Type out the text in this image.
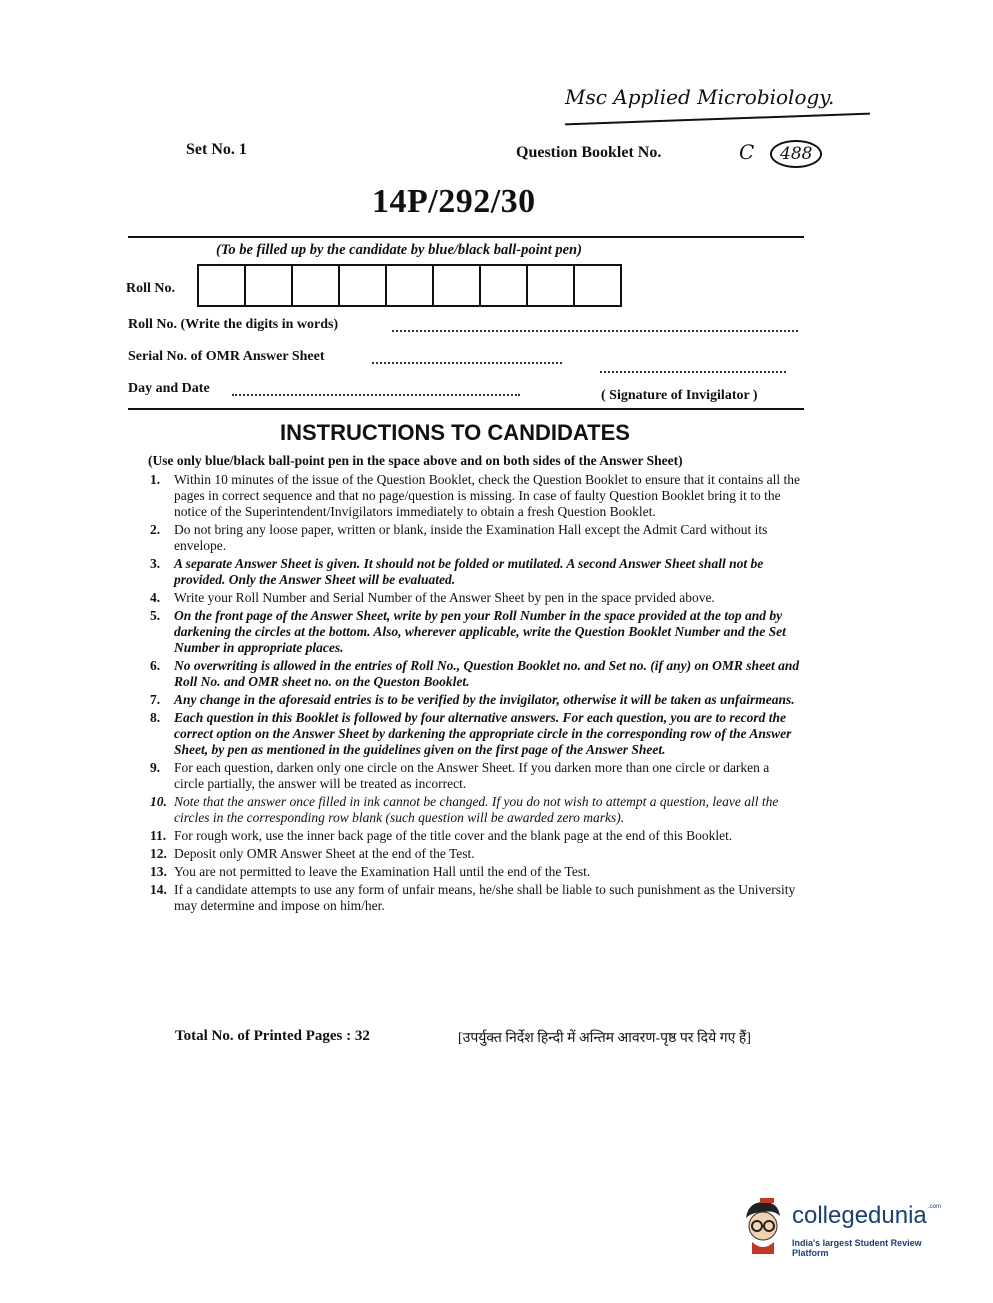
Msc Applied Microbiology.
C	488
Set No. 1	Question Booklet No.
14P/292/30
(To be filled up by the candidate by blue/black ball-point pen)
Roll No.
Roll No. (Write the digits in words)
Serial No. of OMR Answer Sheet
Day and Date	( Signature of Invigilator )
INSTRUCTIONS TO CANDIDATES
(Use only blue/black ball-point pen in the space above and on both sides of the Answer Sheet)
1. Within 10 minutes of the issue of the Question Booklet, check the Question Booklet to ensure that it contains all the pages in correct sequence and that no page/question is missing. In case of faulty Question Booklet bring it to the notice of the Superintendent/Invigilators immediately to obtain a fresh Question Booklet.
2. Do not bring any loose paper, written or blank, inside the Examination Hall except the Admit Card without its envelope.
3. A separate Answer Sheet is given. It should not be folded or mutilated. A second Answer Sheet shall not be provided. Only the Answer Sheet will be evaluated.
4. Write your Roll Number and Serial Number of the Answer Sheet by pen in the space prvided above.
5. On the front page of the Answer Sheet, write by pen your Roll Number in the space provided at the top and by darkening the circles at the bottom. Also, wherever applicable, write the Question Booklet Number and the Set Number in appropriate places.
6. No overwriting is allowed in the entries of Roll No., Question Booklet no. and Set no. (if any) on OMR sheet and Roll No. and OMR sheet no. on the Queston Booklet.
7. Any change in the aforesaid entries is to be verified by the invigilator, otherwise it will be taken as unfairmeans.
8. Each question in this Booklet is followed by four alternative answers. For each question, you are to record the correct option on the Answer Sheet by darkening the appropriate circle in the corresponding row of the Answer Sheet, by pen as mentioned in the guidelines given on the first page of the Answer Sheet.
9. For each question, darken only one circle on the Answer Sheet. If you darken more than one circle or darken a circle partially, the answer will be treated as incorrect.
10. Note that the answer once filled in ink cannot be changed. If you do not wish to attempt a question, leave all the circles in the corresponding row blank (such question will be awarded zero marks).
11. For rough work, use the inner back page of the title cover and the blank page at the end of this Booklet.
12. Deposit only OMR Answer Sheet at the end of the Test.
13. You are not permitted to leave the Examination Hall until the end of the Test.
14. If a candidate attempts to use any form of unfair means, he/she shall be liable to such punishment as the University may determine and impose on him/her.
Total No. of Printed Pages : 32	[उपर्युक्त निर्देश हिन्दी में अन्तिम आवरण-पृष्ठ पर दिये गए हैं]
collegedunia .com
India's largest Student Review Platform
